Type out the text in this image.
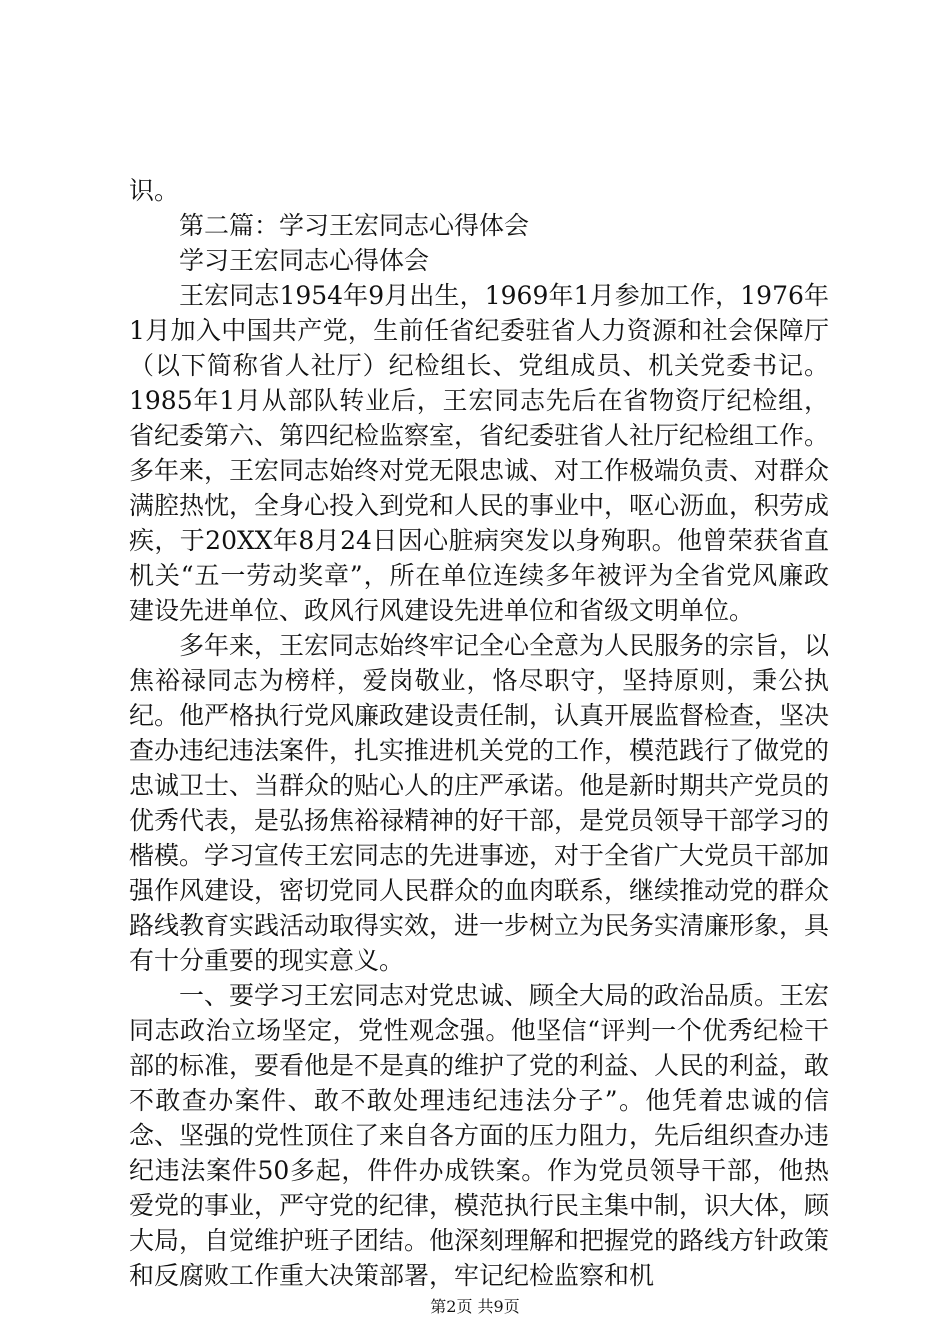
识。

第二篇：学习王宏同志心得体会

学习王宏同志心得体会

王宏同志1954年9月出生，1969年1月参加工作，1976年1月加入中国共产党，生前任省纪委驻省人力资源和社会保障厅（以下简称省人社厅）纪检组长、党组成员、机关党委书记。1985年1月从部队转业后，王宏同志先后在省物资厅纪检组，省纪委第六、第四纪检监察室，省纪委驻省人社厅纪检组工作。多年来，王宏同志始终对党无限忠诚、对工作极端负责、对群众满腔热忱，全身心投入到党和人民的事业中，呕心沥血，积劳成疾，于20XX年8月24日因心脏病突发以身殉职。他曾荣获省直机关“五一劳动奖章”，所在单位连续多年被评为全省党风廉政建设先进单位、政风行风建设先进单位和省级文明单位。

多年来，王宏同志始终牢记全心全意为人民服务的宗旨，以焦裕禄同志为榜样，爱岗敬业，恪尽职守，坚持原则，秉公执纪。他严格执行党风廉政建设责任制，认真开展监督检查，坚决查办违纪违法案件，扎实推进机关党的工作，模范践行了做党的忠诚卫士、当群众的贴心人的庄严承诺。他是新时期共产党员的优秀代表，是弘扬焦裕禄精神的好干部，是党员领导干部学习的楷模。学习宣传王宏同志的先进事迹，对于全省广大党员干部加强作风建设，密切党同人民群众的血肉联系，继续推动党的群众路线教育实践活动取得实效，进一步树立为民务实清廉形象，具有十分重要的现实意义。

一、要学习王宏同志对党忠诚、顾全大局的政治品质。王宏同志政治立场坚定，党性观念强。他坚信“评判一个优秀纪检干部的标准，要看他是不是真的维护了党的利益、人民的利益，敢不敢查办案件、敢不敢处理违纪违法分子”。他凭着忠诚的信念、坚强的党性顶住了来自各方面的压力阻力，先后组织查办违纪违法案件50多起，件件办成铁案。作为党员领导干部，他热爱党的事业，严守党的纪律，模范执行民主集中制，识大体，顾大局，自觉维护班子团结。他深刻理解和把握党的路线方针政策和反腐败工作重大决策部署，牢记纪检监察和机

第2页 共9页
